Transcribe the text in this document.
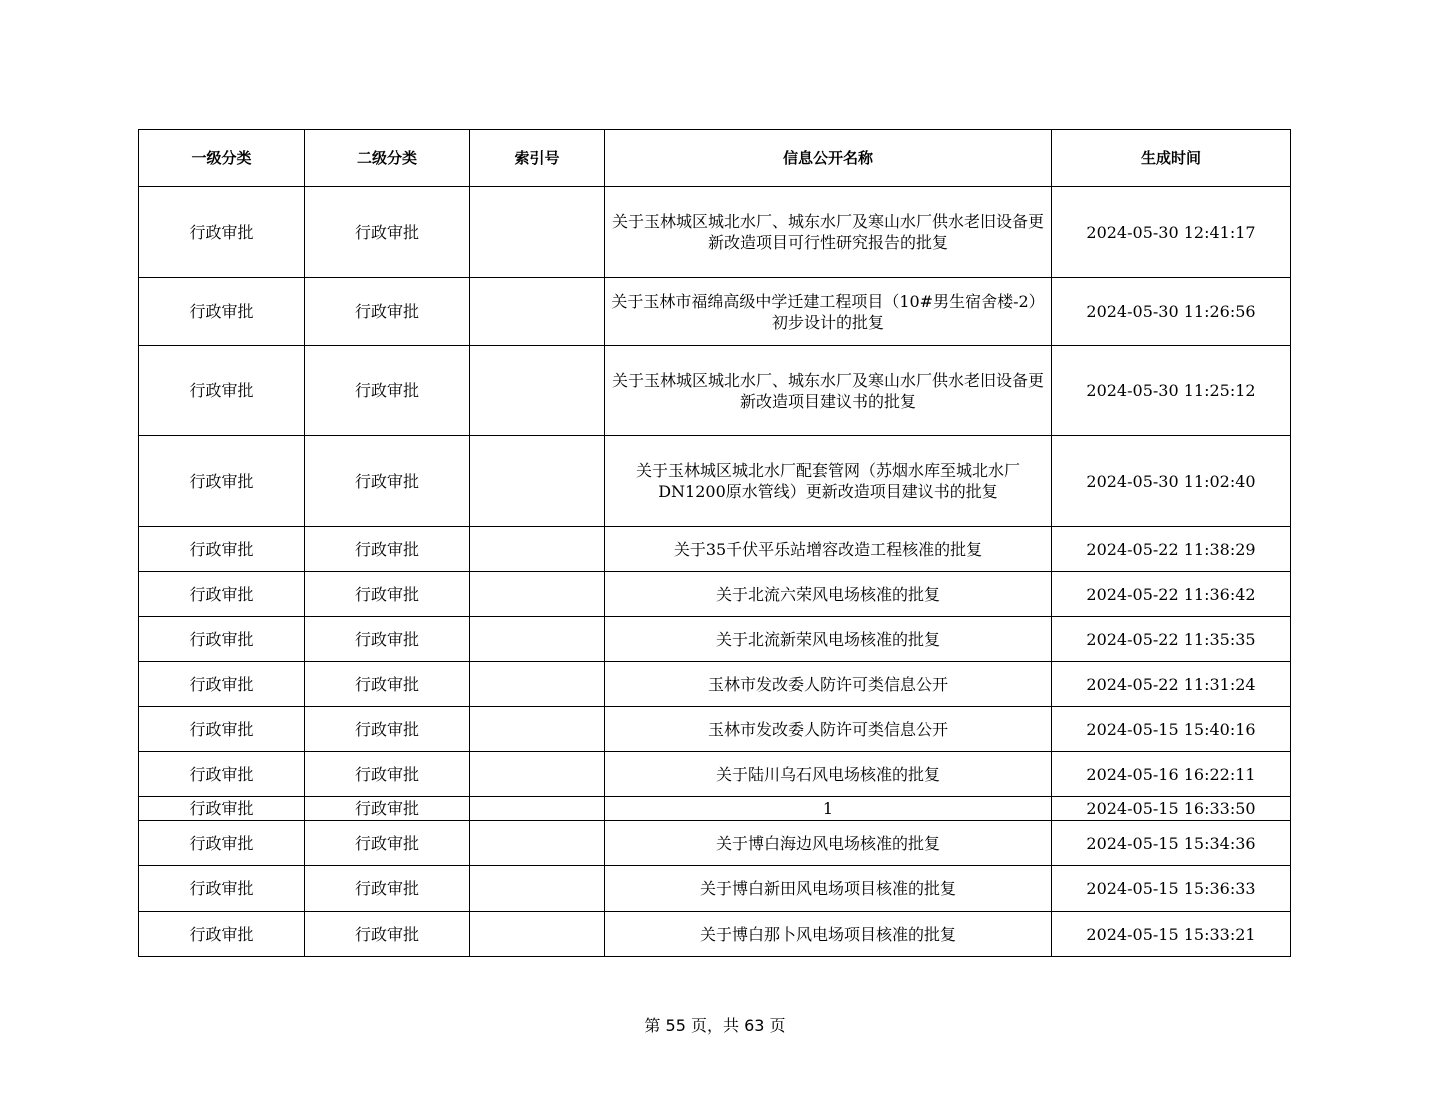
一级分类	二级分类	索引号	信息公开名称	生成时间
行政审批	行政审批		关于玉林城区城北水厂、城东水厂及寒山水厂供水老旧设备更新改造项目可行性研究报告的批复	2024-05-30 12:41:17
行政审批	行政审批		关于玉林市福绵高级中学迁建工程项目（10#男生宿舍楼-2）初步设计的批复	2024-05-30 11:26:56
行政审批	行政审批		关于玉林城区城北水厂、城东水厂及寒山水厂供水老旧设备更新改造项目建议书的批复	2024-05-30 11:25:12
行政审批	行政审批		关于玉林城区城北水厂配套管网（苏烟水库至城北水厂DN1200原水管线）更新改造项目建议书的批复	2024-05-30 11:02:40
行政审批	行政审批		关于35千伏平乐站增容改造工程核准的批复	2024-05-22 11:38:29
行政审批	行政审批		关于北流六荣风电场核准的批复	2024-05-22 11:36:42
行政审批	行政审批		关于北流新荣风电场核准的批复	2024-05-22 11:35:35
行政审批	行政审批		玉林市发改委人防许可类信息公开	2024-05-22 11:31:24
行政审批	行政审批		玉林市发改委人防许可类信息公开	2024-05-15 15:40:16
行政审批	行政审批		关于陆川乌石风电场核准的批复	2024-05-16 16:22:11
行政审批	行政审批		1	2024-05-15 16:33:50
行政审批	行政审批		关于博白海边风电场核准的批复	2024-05-15 15:34:36
行政审批	行政审批		关于博白新田风电场项目核准的批复	2024-05-15 15:36:33
行政审批	行政审批		关于博白那卜风电场项目核准的批复	2024-05-15 15:33:21
第 55 页，共 63 页
